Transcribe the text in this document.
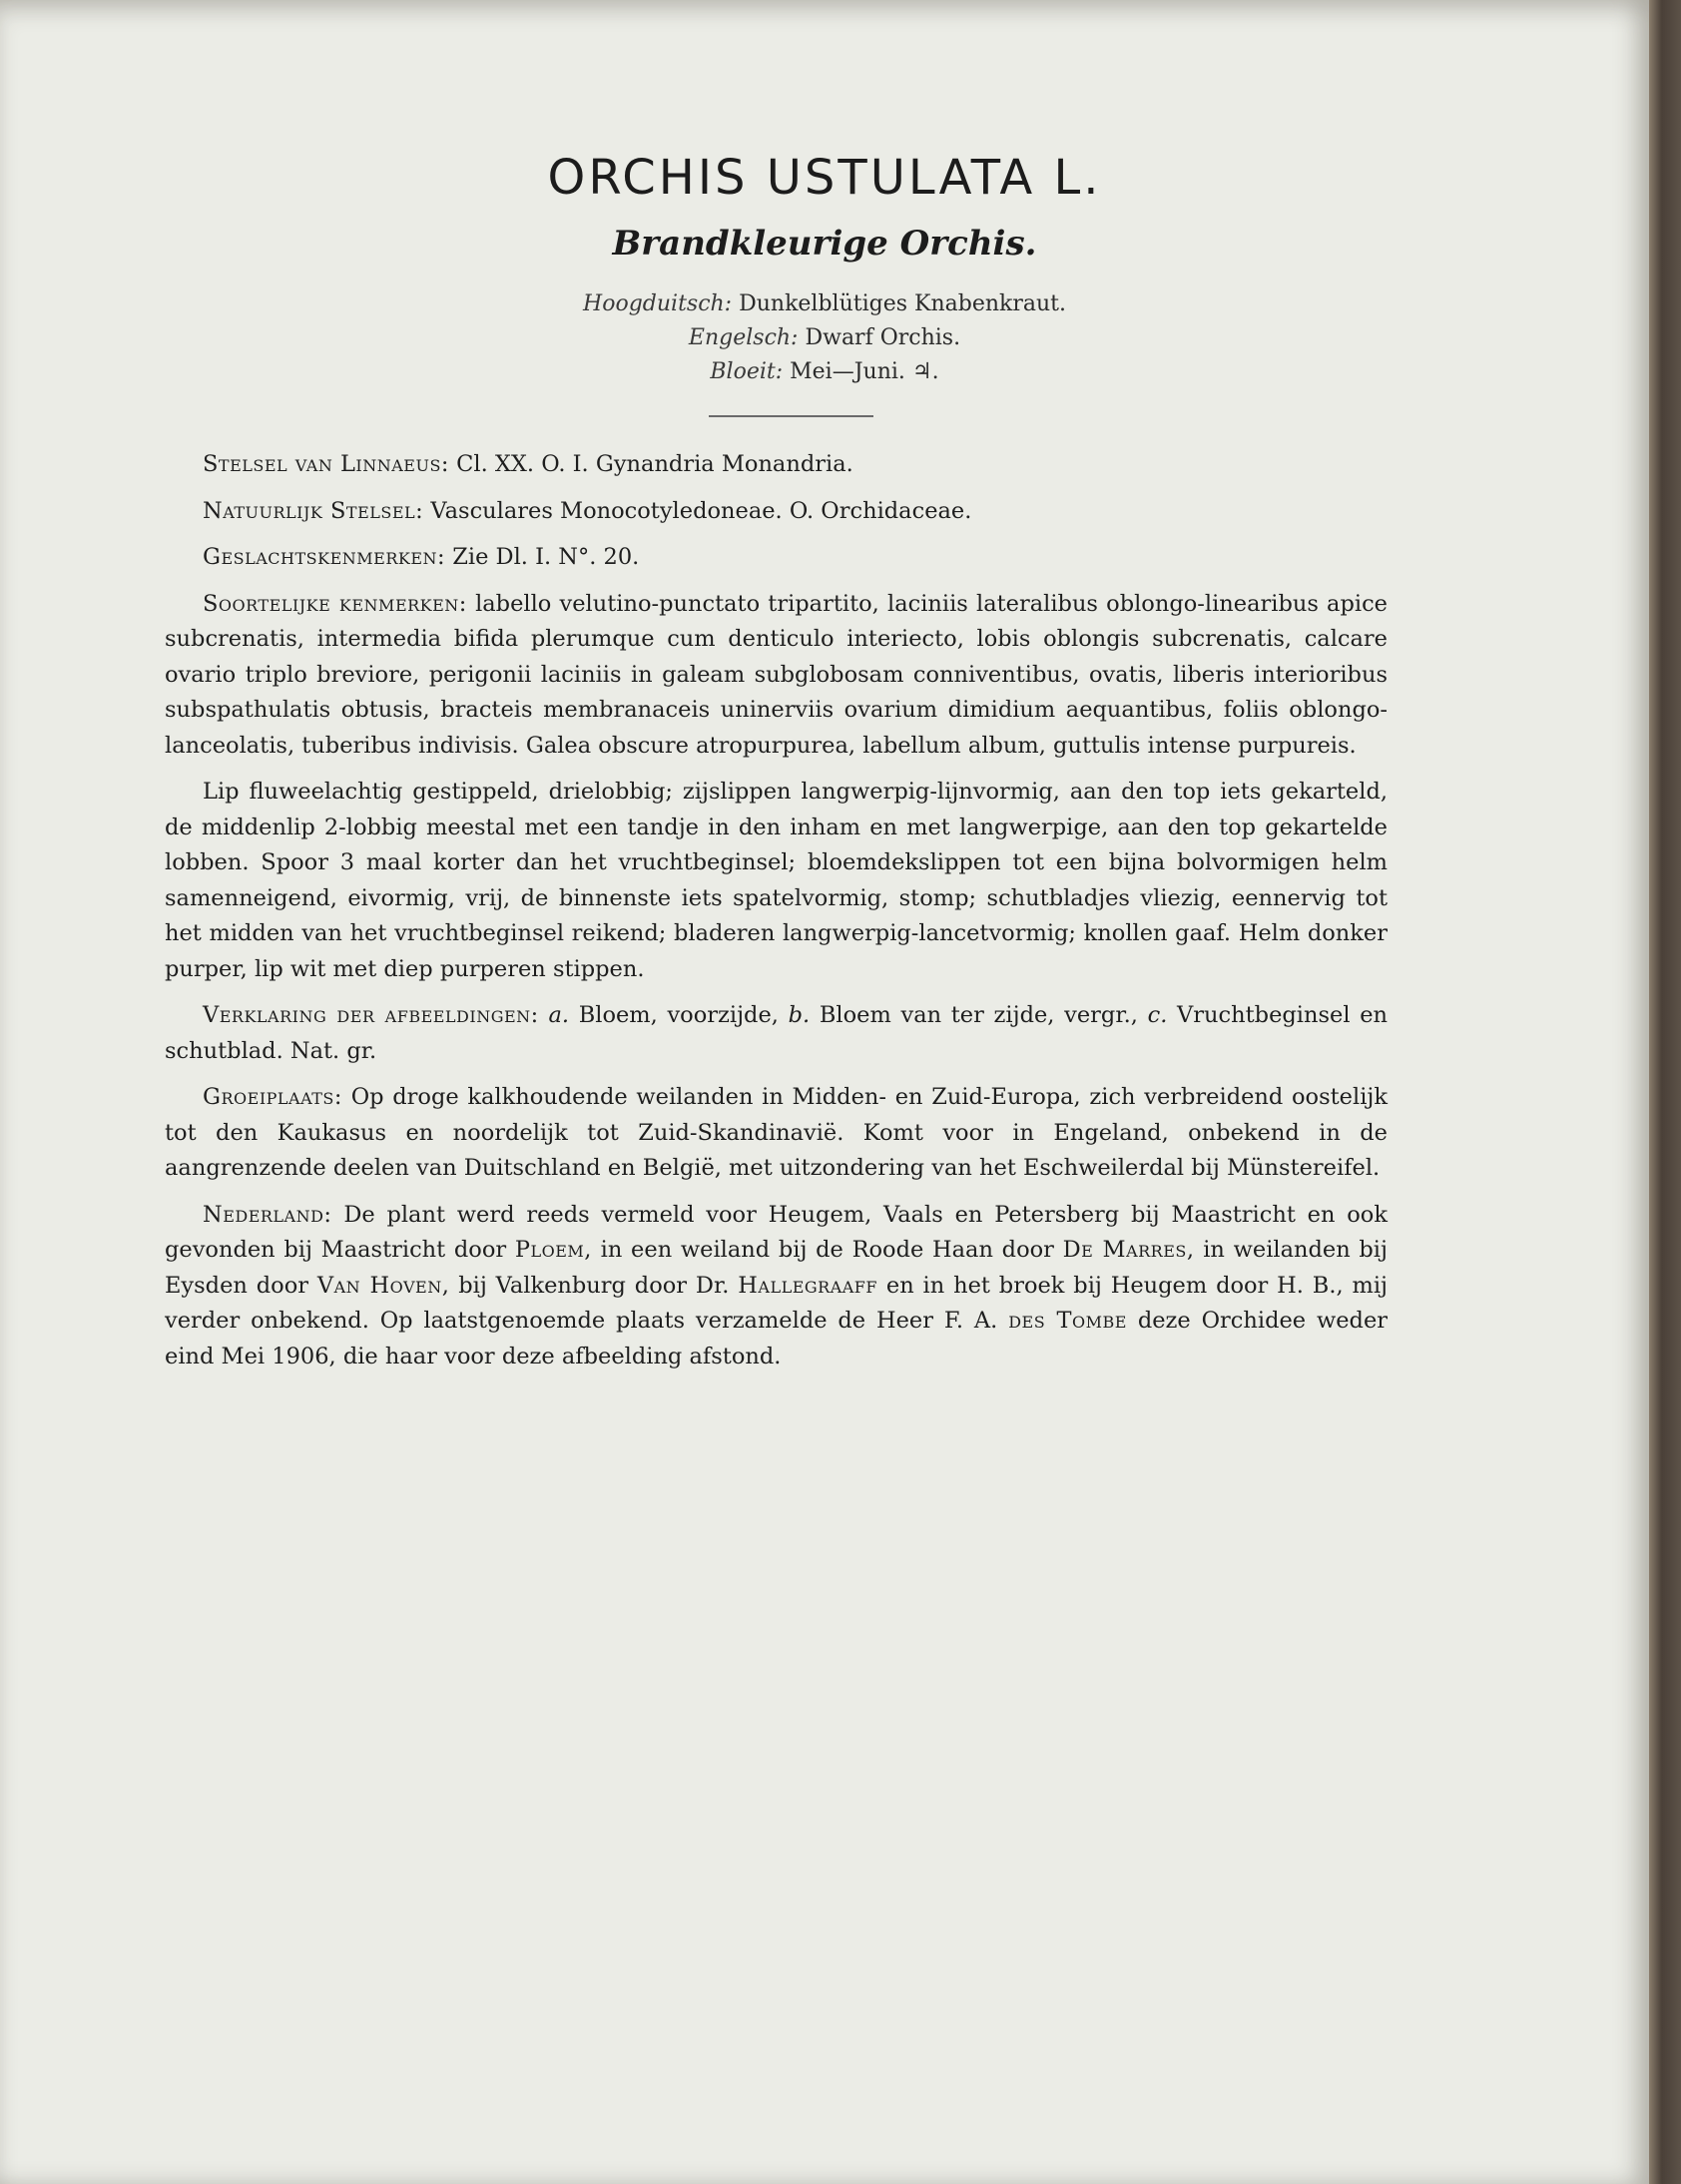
ORCHIS USTULATA L.
Brandkleurige Orchis.
Hoogduitsch: Dunkelblütiges Knabenkraut.
Engelsch: Dwarf Orchis.
Bloeit: Mei—Juni. ♃.

Stelsel van Linnaeus: Cl. XX. O. I. Gynandria Monandria.

Natuurlijk Stelsel: Vasculares Monocotyledoneae. O. Orchidaceae.

Geslachtskenmerken: Zie Dl. I. N°. 20.

Soortelijke kenmerken: labello velutino-punctato tripartito, laciniis lateralibus oblongo-linearibus apice subcrenatis, intermedia bifida plerumque cum denticulo interiecto, lobis oblongis subcrenatis, calcare ovario triplo breviore, perigonii laciniis in galeam subglobosam conniventibus, ovatis, liberis interioribus subspathulatis obtusis, bracteis membranaceis uninerviis ovarium dimidium aequantibus, foliis oblongo-lanceolatis, tuberibus indivisis. Galea obscure atropurpurea, labellum album, guttulis intense purpureis.

Lip fluweelachtig gestippeld, drielobbig; zijslippen langwerpig-lijnvormig, aan den top iets gekarteld, de middenlip 2-lobbig meestal met een tandje in den inham en met langwerpige, aan den top gekartelde lobben. Spoor 3 maal korter dan het vruchtbeginsel; bloemdekslippen tot een bijna bolvormigen helm samenneigend, eivormig, vrij, de binnenste iets spatelvormig, stomp; schutbladjes vliezig, eennervig tot het midden van het vruchtbeginsel reikend; bladeren langwerpig-lancetvormig; knollen gaaf. Helm donker purper, lip wit met diep purperen stippen.

Verklaring der afbeeldingen: a. Bloem, voorzijde, b. Bloem van ter zijde, vergr., c. Vruchtbeginsel en schutblad. Nat. gr.

Groeiplaats: Op droge kalkhoudende weilanden in Midden- en Zuid-Europa, zich verbreidend oostelijk tot den Kaukasus en noordelijk tot Zuid-Skandinavië. Komt voor in Engeland, onbekend in de aangrenzende deelen van Duitschland en België, met uitzondering van het Eschweilerdal bij Münstereifel.

Nederland: De plant werd reeds vermeld voor Heugem, Vaals en Petersberg bij Maastricht en ook gevonden bij Maastricht door Ploem, in een weiland bij de Roode Haan door De Marres, in weilanden bij Eysden door Van Hoven, bij Valkenburg door Dr. Hallegraaff en in het broek bij Heugem door H. B., mij verder onbekend. Op laatstgenoemde plaats verzamelde de Heer F. A. des Tombe deze Orchidee weder eind Mei 1906, die haar voor deze afbeelding afstond.
